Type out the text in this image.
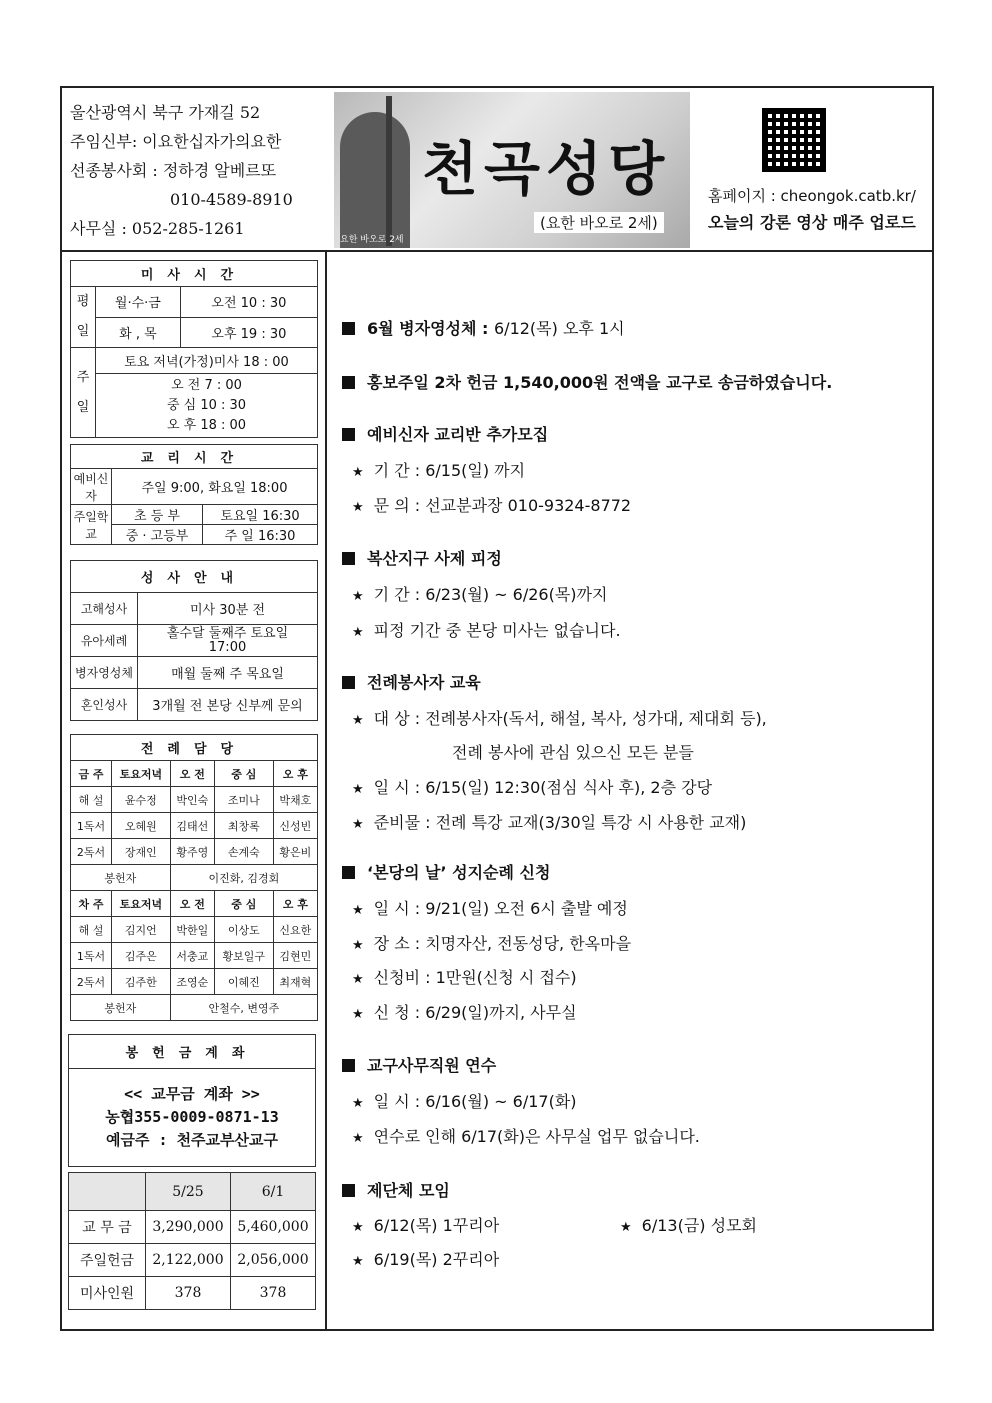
울산광역시 북구 가재길 52
주임신부: 이요한십자가의요한
선종봉사회 : 정하경 알베르또
010-4589-8910
사무실 : 052-285-1261
천곡성당
(요한 바오로 2세)
요한 바오로 2세
홈페이지 : cheongok.catb.kr/
오늘의 강론 영상 매주 업로드
미사시간		
평일	월·수·금	오전 10 : 30
	화 , 목	오후 19 : 30
주일	토요 저녁(가정)미사 18 : 00	

	오 전 7 : 00
중 심 10 : 30
오 후 18 : 00	
교리시간		
예비신자	주일 9:00, 화요일 18:00	
주일학교	초 등 부	토요일 16:30
	중 · 고등부	주 일 16:30
성사안내	
고해성사	미사 30분 전
유아세례	홀수달 둘째주 토요일 17:00
병자영성체	매월 둘째 주 목요일
혼인성사	3개월 전 본당 신부께 문의
전례담당				
금 주	토요저녁	오 전	중 심	오 후
해 설	윤수정	박인숙	조미나	박채호
1독서	오혜원	김태선	최창록	신성빈
2독서	장재인	황주영	손계숙	황은비
봉헌자		이진화, 김경회		
차 주	토요저녁	오 전	중 심	오 후
해 설	김지언	박한일	이상도	신요한
1독서	김주은	서충교	황보일구	김현민
2독서	김주한	조영순	이혜진	최재혁
봉헌자		안철수, 변영주		
봉헌금계좌

<< 교무금 계좌 >>
농협355-0009-0871-13
예금주 : 천주교부산교구
	5/25	6/1
교 무 금	3,290,000	5,460,000
주일헌금	2,122,000	2,056,000
미사인원	378	378
6월 병자영성체 : 6/12(목) 오후 1시
홍보주일 2차 헌금 1,540,000원 전액을 교구로 송금하였습니다.
예비신자 교리반 추가모집
★ 기 간 : 6/15(일) 까지
★ 문 의 : 선교분과장 010-9324-8772
복산지구 사제 피정
★ 기 간 : 6/23(월) ~ 6/26(목)까지
★ 피정 기간 중 본당 미사는 없습니다.
전례봉사자 교육
★ 대 상 : 전례봉사자(독서, 해설, 복사, 성가대, 제대회 등),
전례 봉사에 관심 있으신 모든 분들
★ 일 시 : 6/15(일) 12:30(점심 식사 후), 2층 강당
★ 준비물 : 전례 특강 교재(3/30일 특강 시 사용한 교재)
‘본당의 날’ 성지순례 신청
★ 일 시 : 9/21(일) 오전 6시 출발 예정
★ 장 소 : 치명자산, 전동성당, 한옥마을
★ 신청비 : 1만원(신청 시 접수)
★ 신 청 : 6/29(일)까지, 사무실
교구사무직원 연수
★ 일 시 : 6/16(월) ~ 6/17(화)
★ 연수로 인해 6/17(화)은 사무실 업무 없습니다.
제단체 모임
★ 6/12(목) 1꾸리아	★ 6/13(금) 성모회
★ 6/19(목) 2꾸리아
